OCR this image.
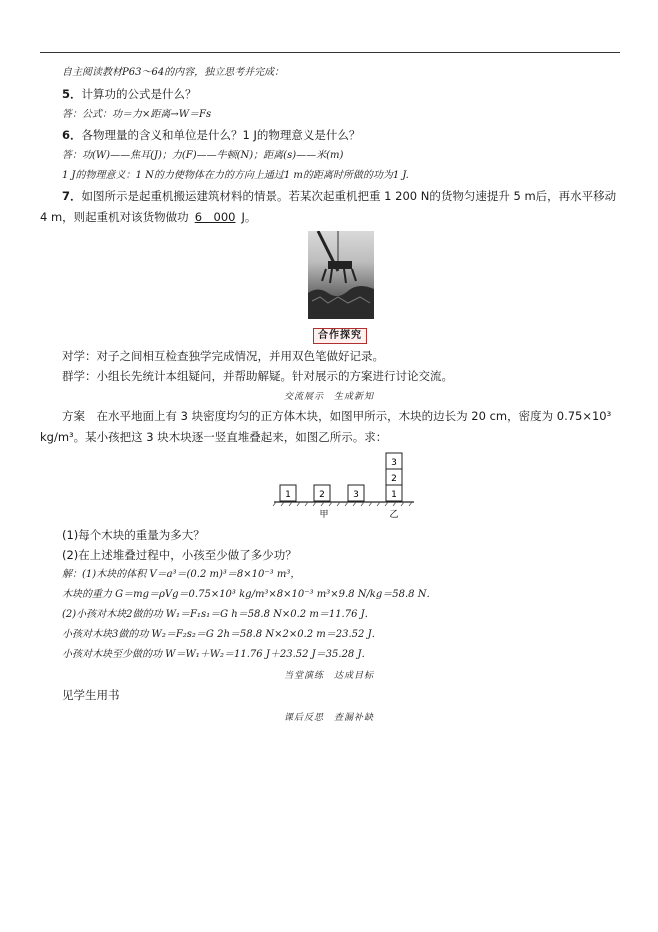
自主阅读教材P63～64的内容，独立思考并完成：
5．计算功的公式是什么？
答：公式：功＝力×距离→W＝Fs
6．各物理量的含义和单位是什么？1 J的物理意义是什么？
答：功(W)——焦耳(J)；力(F)——牛顿(N)；距离(s)——米(m)
1 J的物理意义：1 N的力使物体在力的方向上通过1 m的距离时所做的功为1 J.
7．如图所示是起重机搬运建筑材料的情景。若某次起重机把重 1 200 N的货物匀速提升 5 m后，再水平移动
4 m，则起重机对该货物做功 6　000 J。
合作探究
对学：对子之间相互检查独学完成情况，并用双色笔做好记录。
群学：小组长先统计本组疑问，并帮助解疑。针对展示的方案进行讨论交流。
交流展示　生成新知
方案　在水平地面上有 3 块密度均匀的正方体木块，如图甲所示，木块的边长为 20 cm，密度为 0.75×10³
kg/m³。某小孩把这 3 块木块逐一竖直堆叠起来，如图乙所示。求：
1	2	3
3
2
1
甲	乙
(1)每个木块的重量为多大？
(2)在上述堆叠过程中，小孩至少做了多少功？
解：(1)木块的体积 V＝a³＝(0.2 m)³＝8×10⁻³ m³，
木块的重力 G＝mg＝ρVg＝0.75×10³ kg/m³×8×10⁻³ m³×9.8 N/kg＝58.8 N．
(2)小孩对木块2做的功 W₁＝F₁s₁＝G h＝58.8 N×0.2 m＝11.76 J．
小孩对木块3做的功 W₂＝F₂s₂＝G 2h＝58.8 N×2×0.2 m＝23.52 J．
小孩对木块至少做的功 W＝W₁＋W₂＝11.76 J＋23.52 J＝35.28 J．
当堂演练　达成目标
见学生用书
课后反思　查漏补缺
